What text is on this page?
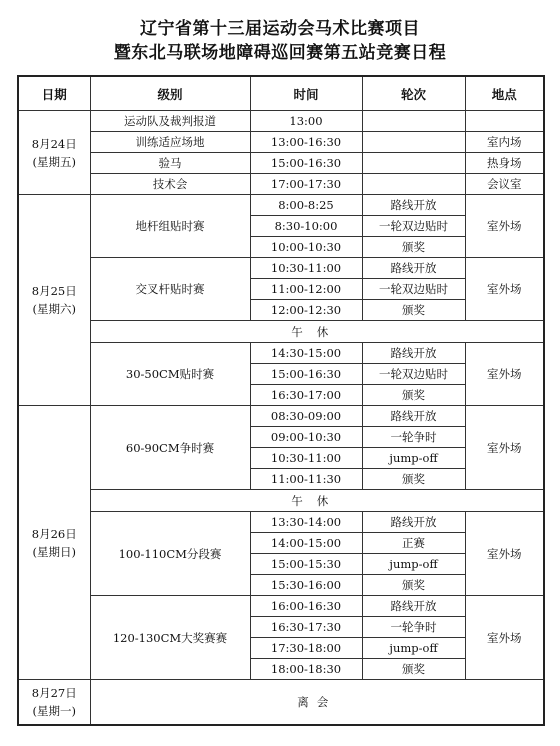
辽宁省第十三届运动会马术比赛项目
暨东北马联场地障碍巡回赛第五站竞赛日程
日期	级别	时间	轮次	地点

8月24日
(星期五)	运动队及裁判报道	13:00		
	训练适应场地	13:00-16:30		室内场
	验马	15:00-16:30		热身场
	技术会	17:00-17:30		会议室

8月25日
(星期六)	地杆组贴时赛	8:00-8:25	路线开放	室外场
		8:30-10:00	一轮双边贴时	
		10:00-10:30	颁奖	
	交叉杆贴时赛	10:30-11:00	路线开放	室外场
		11:00-12:00	一轮双边贴时	
		12:00-12:30	颁奖	
	午休			
	30-50CM贴时赛	14:30-15:00	路线开放	室外场
		15:00-16:30	一轮双边贴时	
		16:30-17:00	颁奖	

8月26日
(星期日)	60-90CM争时赛	08:30-09:00	路线开放	室外场
		09:00-10:30	一轮争时	
		10:30-11:00	jump-off	
		11:00-11:30	颁奖	
	午休			
	100-110CM分段赛	13:30-14:00	路线开放	室外场
		14:00-15:00	正赛	
		15:00-15:30	jump-off	
		15:30-16:00	颁奖	
	120-130CM大奖赛赛	16:00-16:30	路线开放	室外场
		16:30-17:30	一轮争时	
		17:30-18:00	jump-off	
		18:00-18:30	颁奖	

8月27日
(星期一)	离会			
